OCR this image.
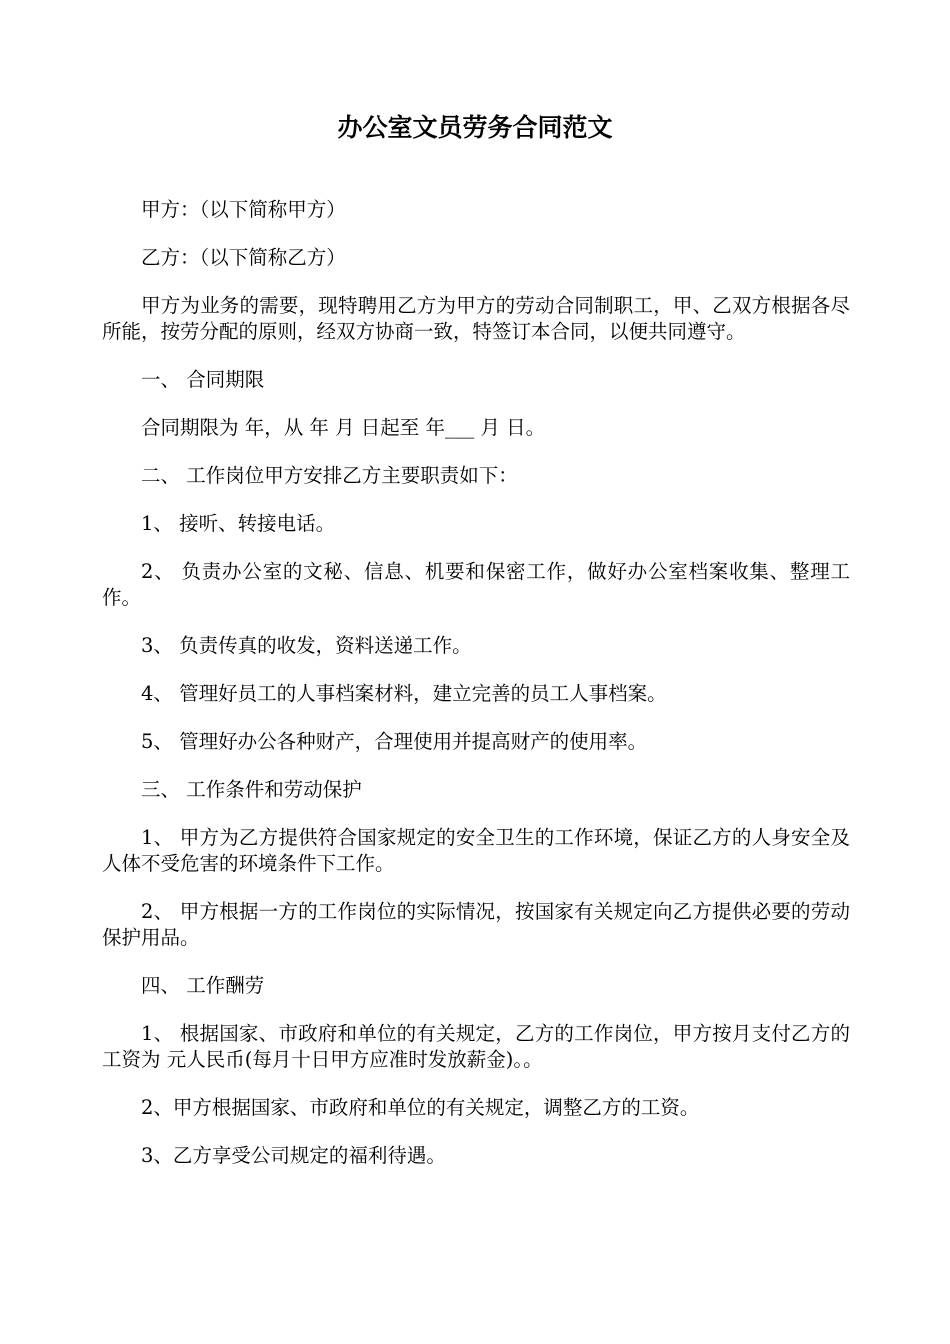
办公室文员劳务合同范文

甲方：（以下简称甲方）

乙方：（以下简称乙方）

甲方为业务的需要，现特聘用乙方为甲方的劳动合同制职工，甲、乙双方根据各尽所能，按劳分配的原则，经双方协商一致，特签订本合同，以便共同遵守。

一、 合同期限

合同期限为 年，从 年 月 日起至 年___ 月 日。

二、 工作岗位甲方安排乙方主要职责如下：

1、 接听、转接电话。

2、 负责办公室的文秘、信息、机要和保密工作，做好办公室档案收集、整理工作。

3、 负责传真的收发，资料送递工作。

4、 管理好员工的人事档案材料，建立完善的员工人事档案。

5、 管理好办公各种财产，合理使用并提高财产的使用率。

三、 工作条件和劳动保护

1、 甲方为乙方提供符合国家规定的安全卫生的工作环境，保证乙方的人身安全及人体不受危害的环境条件下工作。

2、 甲方根据一方的工作岗位的实际情况，按国家有关规定向乙方提供必要的劳动保护用品。

四、 工作酬劳

1、 根据国家、市政府和单位的有关规定，乙方的工作岗位，甲方按月支付乙方的工资为 元人民币(每月十日甲方应准时发放薪金)。。

2、甲方根据国家、市政府和单位的有关规定，调整乙方的工资。

3、乙方享受公司规定的福利待遇。
